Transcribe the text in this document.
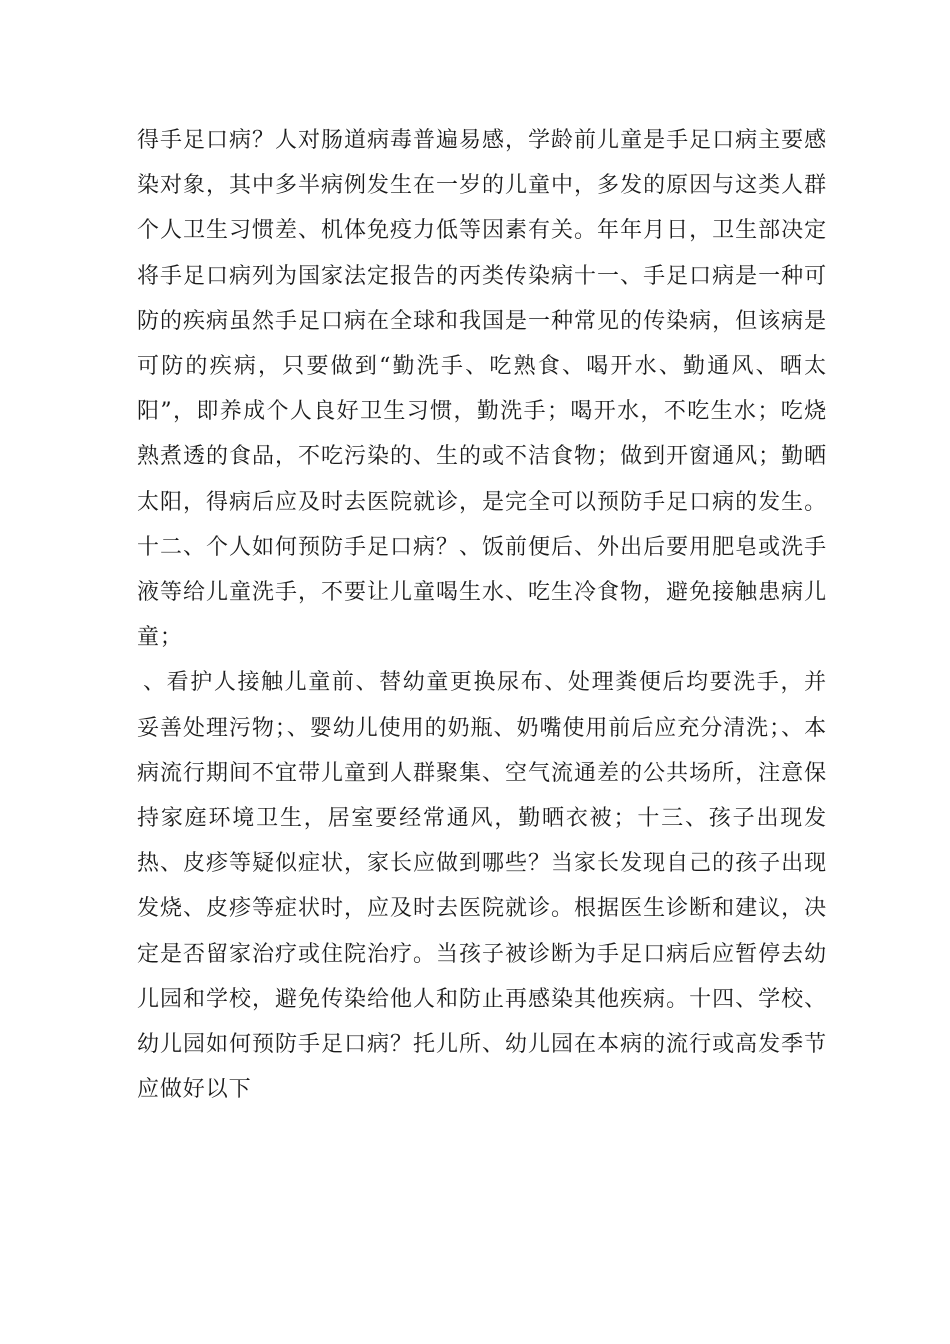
得手足口病？人对肠道病毒普遍易感，学龄前儿童是手足口病主要感染对象，其中多半病例发生在一岁的儿童中，多发的原因与这类人群个人卫生习惯差、机体免疫力低等因素有关。年年月日，卫生部决定将手足口病列为国家法定报告的丙类传染病十一、手足口病是一种可防的疾病虽然手足口病在全球和我国是一种常见的传染病，但该病是可防的疾病，只要做到“勤洗手、吃熟食、喝开水、勤通风、晒太阳”，即养成个人良好卫生习惯，勤洗手；喝开水，不吃生水；吃烧熟煮透的食品，不吃污染的、生的或不洁食物；做到开窗通风；勤晒太阳，得病后应及时去医院就诊，是完全可以预防手足口病的发生。十二、个人如何预防手足口病？、饭前便后、外出后要用肥皂或洗手液等给儿童洗手，不要让儿童喝生水、吃生冷食物，避免接触患病儿童；

、看护人接触儿童前、替幼童更换尿布、处理粪便后均要洗手，并妥善处理污物；、婴幼儿使用的奶瓶、奶嘴使用前后应充分清洗；、本病流行期间不宜带儿童到人群聚集、空气流通差的公共场所，注意保持家庭环境卫生，居室要经常通风，勤晒衣被；十三、孩子出现发热、皮疹等疑似症状，家长应做到哪些？当家长发现自己的孩子出现发烧、皮疹等症状时，应及时去医院就诊。根据医生诊断和建议，决定是否留家治疗或住院治疗。当孩子被诊断为手足口病后应暂停去幼儿园和学校，避免传染给他人和防止再感染其他疾病。十四、学校、幼儿园如何预防手足口病？托儿所、幼儿园在本病的流行或高发季节应做好以下
